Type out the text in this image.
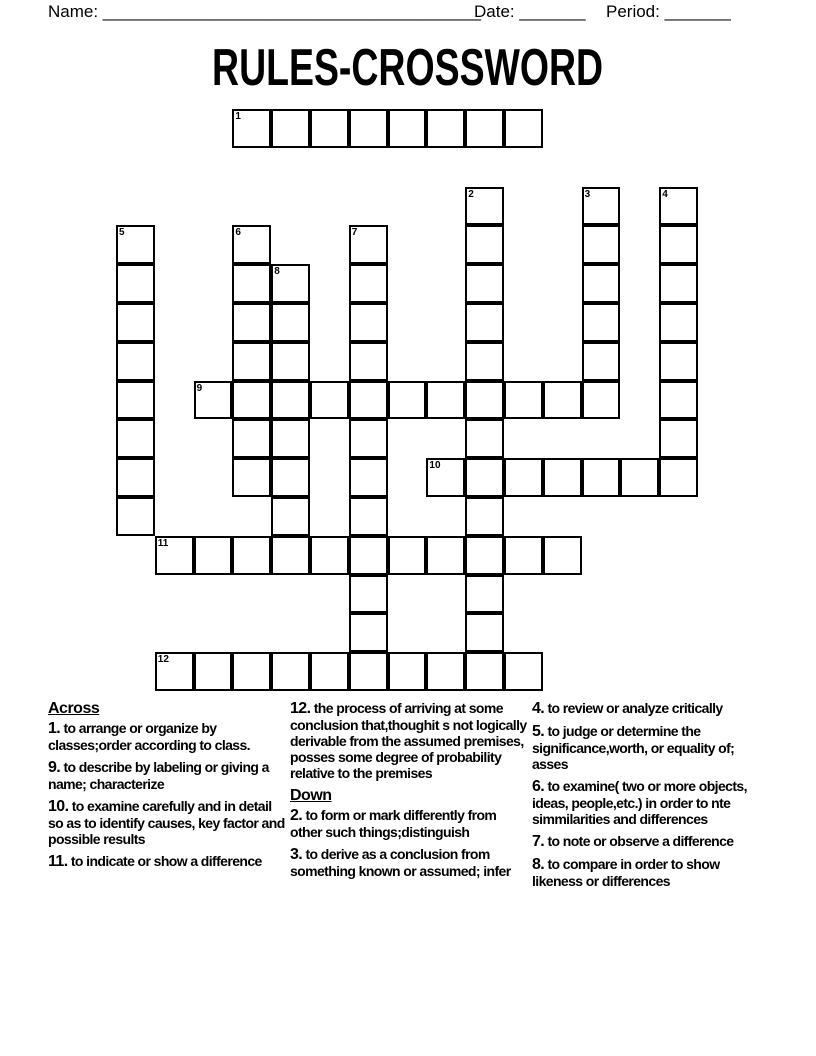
Name: ________________________________________
Date: _______ Period: _______
RULES-CROSSWORD
1
2	3	4
5	6	7
8
9
10
11
12
Across
1. to arrange or organize by classes;order according to class.
9. to describe by labeling or giving a name; characterize
10. to examine carefully and in detail so as to identify causes, key factor and possible results
11. to indicate or show a difference
12. the process of arriving at some conclusion that,thoughit s not logically derivable from the assumed premises, posses some degree of probability relative to the premises
Down
2. to form or mark differently from other such things;distinguish
3. to derive as a conclusion from something known or assumed; infer
4. to review or analyze critically
5. to judge or determine the significance,worth, or equality of; asses
6. to examine( two or more objects, ideas, people,etc.) in order to nte simmilarities and differences
7. to note or observe a difference
8. to compare in order to show likeness or differences
